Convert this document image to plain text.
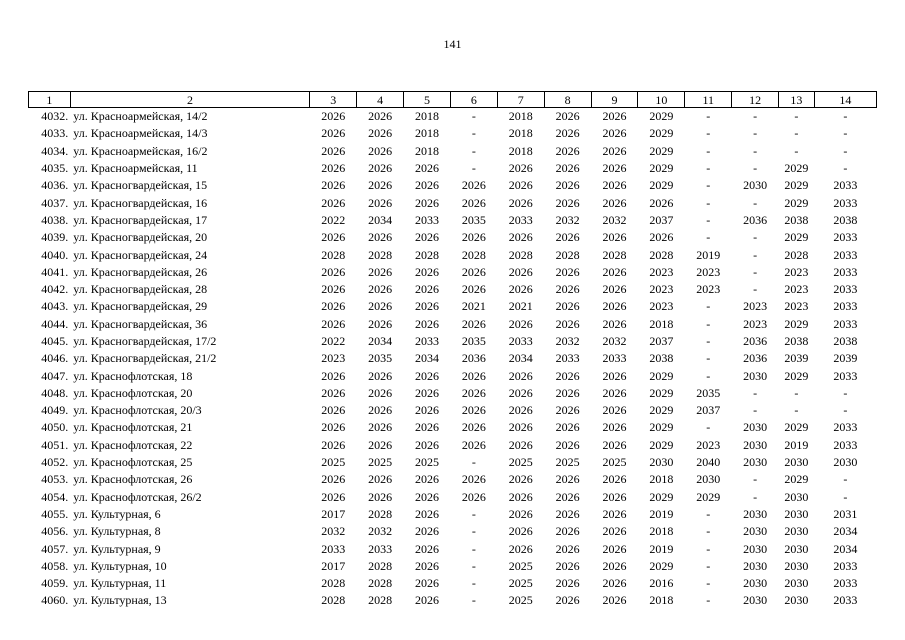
141
1	2	3	4	5	6	7	8	9	10	11	12	13	14
4032.	ул. Красноармейская, 14/2	2026	2026	2018	-	2018	2026	2026	2029	-	-	-	-
4033.	ул. Красноармейская, 14/3	2026	2026	2018	-	2018	2026	2026	2029	-	-	-	-
4034.	ул. Красноармейская, 16/2	2026	2026	2018	-	2018	2026	2026	2029	-	-	-	-
4035.	ул. Красноармейская, 11	2026	2026	2026	-	2026	2026	2026	2029	-	-	2029	-
4036.	ул. Красногвардейская, 15	2026	2026	2026	2026	2026	2026	2026	2029	-	2030	2029	2033
4037.	ул. Красногвардейская, 16	2026	2026	2026	2026	2026	2026	2026	2026	-	-	2029	2033
4038.	ул. Красногвардейская, 17	2022	2034	2033	2035	2033	2032	2032	2037	-	2036	2038	2038
4039.	ул. Красногвардейская, 20	2026	2026	2026	2026	2026	2026	2026	2026	-	-	2029	2033
4040.	ул. Красногвардейская, 24	2028	2028	2028	2028	2028	2028	2028	2028	2019	-	2028	2033
4041.	ул. Красногвардейская, 26	2026	2026	2026	2026	2026	2026	2026	2023	2023	-	2023	2033
4042.	ул. Красногвардейская, 28	2026	2026	2026	2026	2026	2026	2026	2023	2023	-	2023	2033
4043.	ул. Красногвардейская, 29	2026	2026	2026	2021	2021	2026	2026	2023	-	2023	2023	2033
4044.	ул. Красногвардейская, 36	2026	2026	2026	2026	2026	2026	2026	2018	-	2023	2029	2033
4045.	ул. Красногвардейская, 17/2	2022	2034	2033	2035	2033	2032	2032	2037	-	2036	2038	2038
4046.	ул. Красногвардейская, 21/2	2023	2035	2034	2036	2034	2033	2033	2038	-	2036	2039	2039
4047.	ул. Краснофлотская, 18	2026	2026	2026	2026	2026	2026	2026	2029	-	2030	2029	2033
4048.	ул. Краснофлотская, 20	2026	2026	2026	2026	2026	2026	2026	2029	2035	-	-	-
4049.	ул. Краснофлотская, 20/3	2026	2026	2026	2026	2026	2026	2026	2029	2037	-	-	-
4050.	ул. Краснофлотская, 21	2026	2026	2026	2026	2026	2026	2026	2029	-	2030	2029	2033
4051.	ул. Краснофлотская, 22	2026	2026	2026	2026	2026	2026	2026	2029	2023	2030	2019	2033
4052.	ул. Краснофлотская, 25	2025	2025	2025	-	2025	2025	2025	2030	2040	2030	2030	2030
4053.	ул. Краснофлотская, 26	2026	2026	2026	2026	2026	2026	2026	2018	2030	-	2029	-
4054.	ул. Краснофлотская, 26/2	2026	2026	2026	2026	2026	2026	2026	2029	2029	-	2030	-
4055.	ул. Культурная, 6	2017	2028	2026	-	2026	2026	2026	2019	-	2030	2030	2031
4056.	ул. Культурная, 8	2032	2032	2026	-	2026	2026	2026	2018	-	2030	2030	2034
4057.	ул. Культурная, 9	2033	2033	2026	-	2026	2026	2026	2019	-	2030	2030	2034
4058.	ул. Культурная, 10	2017	2028	2026	-	2025	2026	2026	2029	-	2030	2030	2033
4059.	ул. Культурная, 11	2028	2028	2026	-	2025	2026	2026	2016	-	2030	2030	2033
4060.	ул. Культурная, 13	2028	2028	2026	-	2025	2026	2026	2018	-	2030	2030	2033
